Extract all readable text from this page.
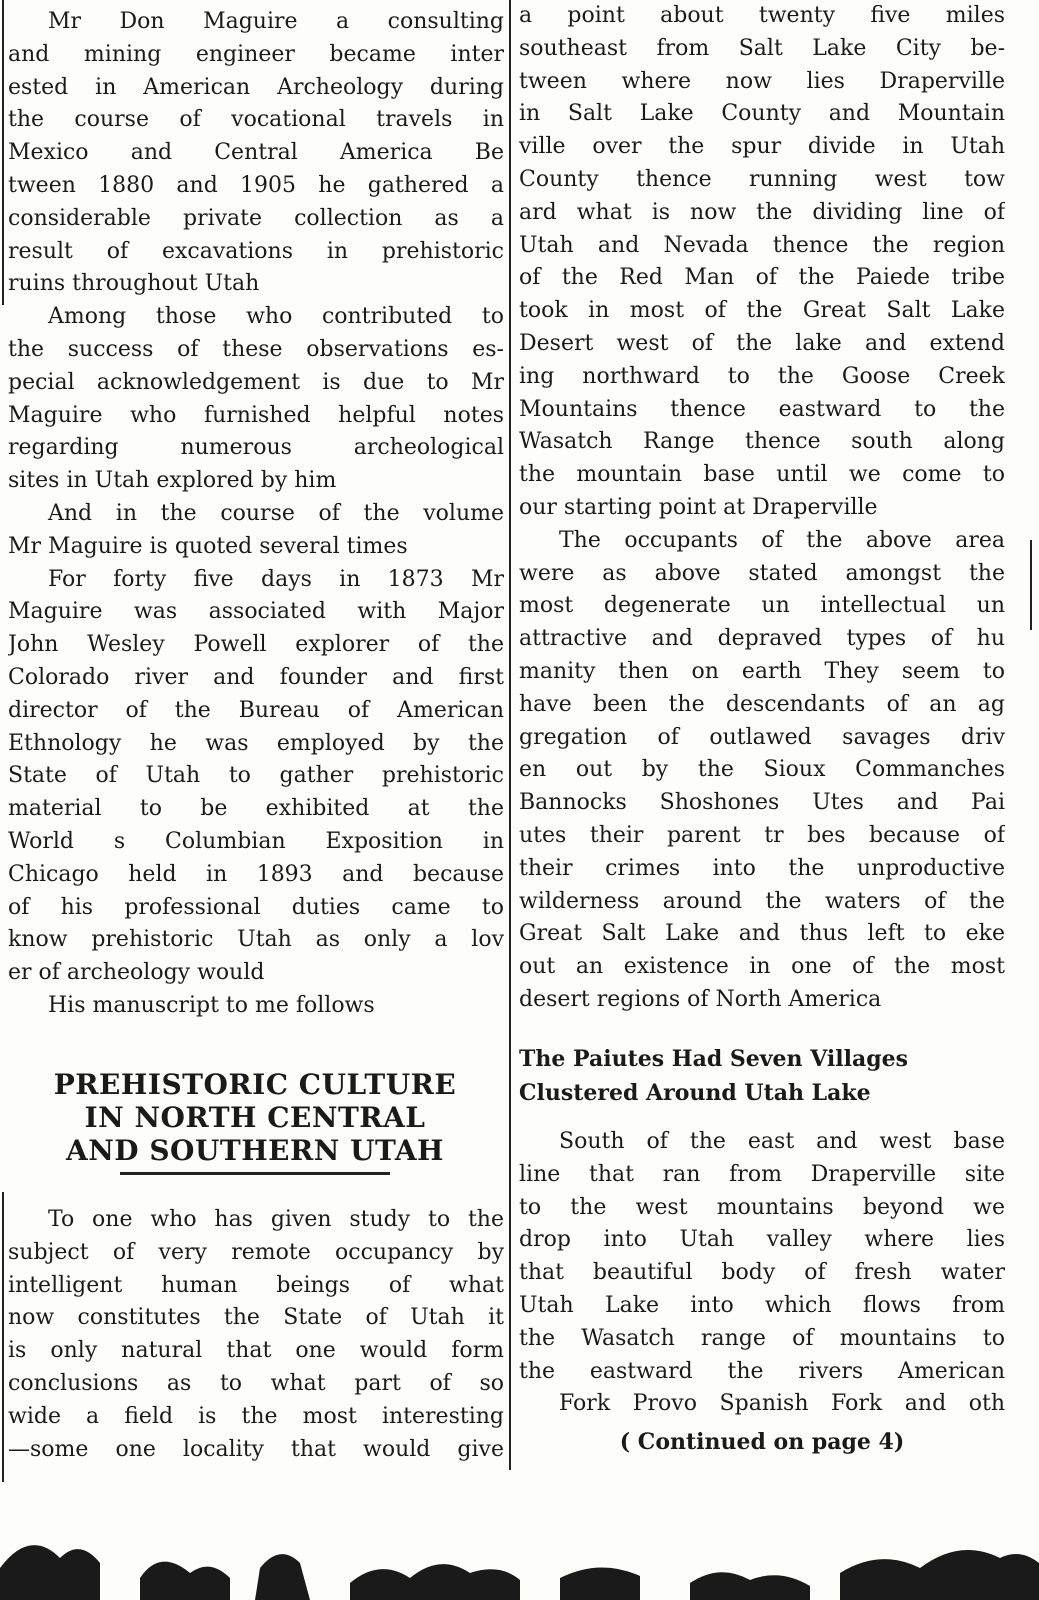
Mr Don Maguire a consulting
and mining engineer became inter
ested in American Archeology during
the course of vocational travels in
Mexico and Central America Be
tween 1880 and 1905 he gathered a
considerable private collection as a
result of excavations in prehistoric
ruins throughout Utah
Among those who contributed to
the success of these observations es-
pecial acknowledgement is due to Mr
Maguire who furnished helpful notes
regarding numerous archeological
sites in Utah explored by him
And in the course of the volume
Mr Maguire is quoted several times
For forty five days in 1873 Mr
Maguire was associated with Major
John Wesley Powell explorer of the
Colorado river and founder and first
director of the Bureau of American
Ethnology he was employed by the
State of Utah to gather prehistoric
material to be exhibited at the
World s Columbian Exposition in
Chicago held in 1893 and because
of his professional duties came to
know prehistoric Utah as only a lov
er of archeology would
His manuscript to me follows
PREHISTORIC CULTURE
IN NORTH CENTRAL
AND SOUTHERN UTAH
To one who has given study to the
subject of very remote occupancy by
intelligent human beings of what
now constitutes the State of Utah it
is only natural that one would form
conclusions as to what part of so
wide a field is the most interesting
—some one locality that would give
a point about twenty five miles
southeast from Salt Lake City be-
tween where now lies Draperville
in Salt Lake County and Mountain
ville over the spur divide in Utah
County thence running west tow
ard what is now the dividing line of
Utah and Nevada thence the region
of the Red Man of the Paiede tribe
took in most of the Great Salt Lake
Desert west of the lake and extend
ing northward to the Goose Creek
Mountains thence eastward to the
Wasatch Range thence south along
the mountain base until we come to
our starting point at Draperville
The occupants of the above area
were as above stated amongst the
most degenerate un intellectual un
attractive and depraved types of hu
manity then on earth They seem to
have been the descendants of an ag
gregation of outlawed savages driv
en out by the Sioux Commanches
Bannocks Shoshones Utes and Pai
utes their parent tr bes because of
their crimes into the unproductive
wilderness around the waters of the
Great Salt Lake and thus left to eke
out an existence in one of the most
desert regions of North America
The Paiutes Had Seven Villages
Clustered Around Utah Lake
South of the east and west base
line that ran from Draperville site
to the west mountains beyond we
drop into Utah valley where lies
that beautiful body of fresh water
Utah Lake into which flows from
the Wasatch range of mountains to
the eastward the rivers American
Fork Provo Spanish Fork and oth
( Continued on page 4)
